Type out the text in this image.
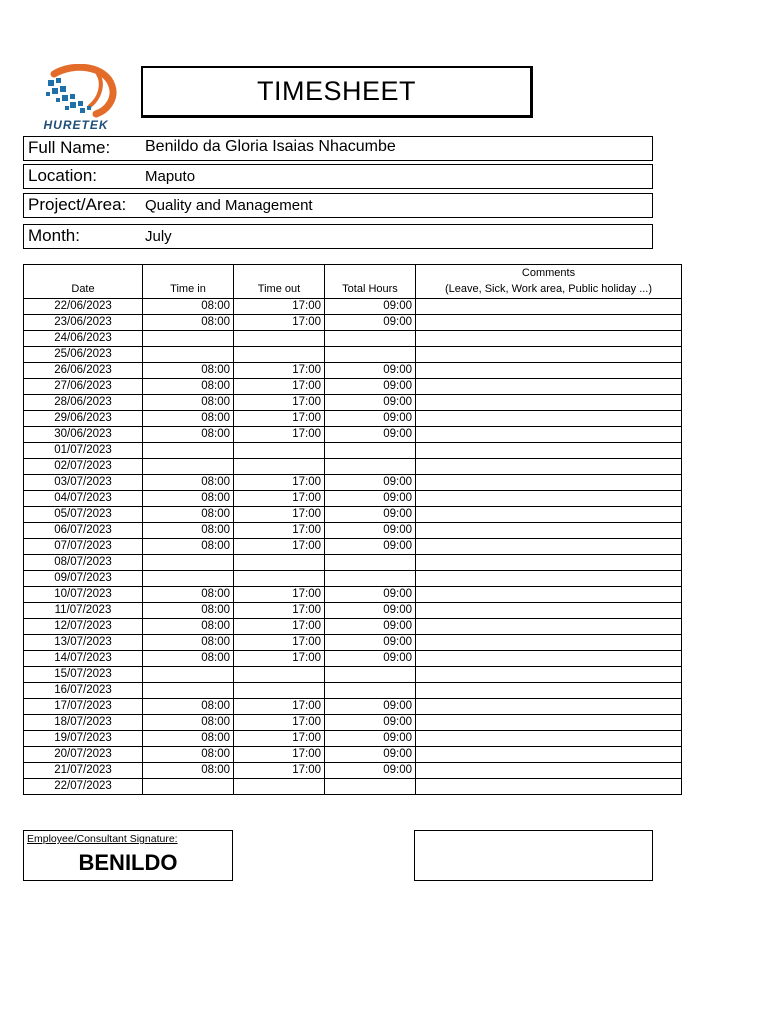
HURETEK
TIMESHEET
Full Name: Benildo da Gloria Isaias Nhacumbe
Location:	Maputo
Project/Area: Quality and Management
Month:	July
Date	Time in	Time out	Total Hours	Comments
(Leave, Sick, Work area, Public holiday ...)

22/06/2023	08:00	17:00	09:00	
23/06/2023	08:00	17:00	09:00	
24/06/2023				
25/06/2023				
26/06/2023	08:00	17:00	09:00	
27/06/2023	08:00	17:00	09:00	
28/06/2023	08:00	17:00	09:00	
29/06/2023	08:00	17:00	09:00	
30/06/2023	08:00	17:00	09:00	
01/07/2023				
02/07/2023				
03/07/2023	08:00	17:00	09:00	
04/07/2023	08:00	17:00	09:00	
05/07/2023	08:00	17:00	09:00	
06/07/2023	08:00	17:00	09:00	
07/07/2023	08:00	17:00	09:00	
08/07/2023				
09/07/2023				
10/07/2023	08:00	17:00	09:00	
11/07/2023	08:00	17:00	09:00	
12/07/2023	08:00	17:00	09:00	
13/07/2023	08:00	17:00	09:00	
14/07/2023	08:00	17:00	09:00	
15/07/2023				
16/07/2023				
17/07/2023	08:00	17:00	09:00	
18/07/2023	08:00	17:00	09:00	
19/07/2023	08:00	17:00	09:00	
20/07/2023	08:00	17:00	09:00	
21/07/2023	08:00	17:00	09:00	
22/07/2023				
Employee/Consultant Signature:
BENILDO
